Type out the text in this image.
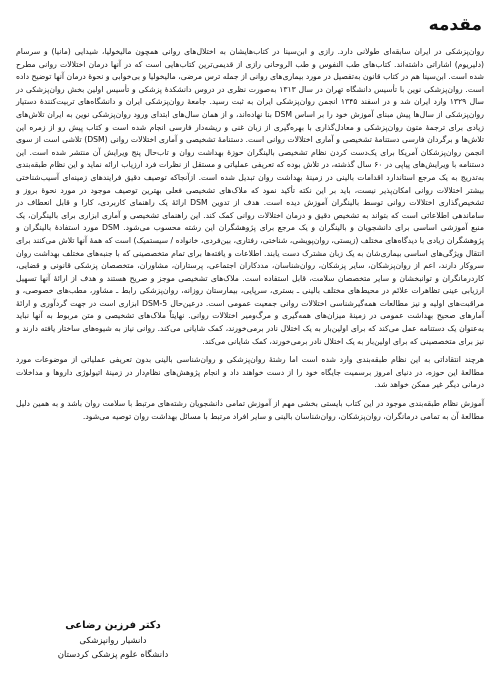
مقدمه

روان‌پزشکی در ایران سابقه‌ای طولانی دارد. رازی و ابن‌سینا در کتاب‌هایشان به اختلال‌های روانی همچون مالیخولیا، شیدایی (مانیا) و سرسام (دلیریوم) اشاراتی داشته‌اند. کتاب‌های طب النفوس و طب الروحانی رازی از قدیمی‌ترین کتاب‌هایی است که در آنها درمان اختلالات روانی مطرح شده است. ابن‌سینا هم در کتاب قانون به‌تفصیل در مورد بیماری‌های روانی از جمله ترس مرضی، مالیخولیا و بی‌خوابی و نحوهٔ درمان آنها توضیح داده است. روان‌پزشکی نوین با تأسیس دانشگاه تهران در سال ۱۳۱۳ به‌صورت نظری در دروس دانشکدهٔ پزشکی و تأسیس اولین بخش روان‌پزشکی در سال ۱۳۲۹ وارد ایران شد و در اسفند ۱۳۴۵ انجمن روان‌پزشکی ایران به ثبت رسید. جامعهٔ روان‌پزشکی ایران و دانشگاه‌های تربیت‌کنندهٔ دستیار روان‌پزشکی از سال‌ها پیش مبنای آموزش خود را بر اساس DSM بنا نهاده‌اند، و از همان سال‌های ابتدای ورود روان‌پزشکی نوین به ایران تلاش‌های زیادی برای ترجمهٔ متون روان‌پزشکی و معادل‌گذاری با بهره‌گیری از زبان غنی و ریشه‌دار فارسی انجام شده است و کتاب پیش رو از زمره این تلاش‌ها و برگردان فارسی دستنامهٔ تشخیصی و آماری اختلالات روانی است. دستنامهٔ تشخیصی و آماری اختلالات روانی (DSM) تلاشی است از سوی انجمن روان‌پزشکان آمریکا برای یک‌دست کردن نظام تشخیصی بالینگران حوزهٔ بهداشت روان و تاب‌حال پنج ویرایش آن منتشر شده است. این دستنامه با ویرایش‌های پیاپی در ۶۰ سال گذشته، در تلاش بوده که تعریفی عملیاتی و مستقل از نظرات فرد ارزیاب ارائه نماید و این نظام طبقه‌بندی به‌تدریج به یک مرجع استاندارد اقدامات بالینی در زمینهٔ بهداشت روان تبدیل شده است. ازآنجاکه توصیف دقیق فرایندهای زمینه‌ای آسیب‌شناختی بیشتر اختلالات روانی امکان‌پذیر نیست، باید بر این نکته تأکید نمود که ملاک‌های تشخیصی فعلی بهترین توصیف موجود در مورد نحوهٔ بروز و تشخیص‌گذاری اختلالات روانی توسط بالینگران آموزش دیده است. هدف از تدوین DSM ارائهٔ یک راهنمای کاربردی، کارا و قابل انعطاف در ساماندهی اطلاعاتی است که بتواند به تشخیص دقیق و درمان اختلالات روانی کمک کند. این راهنمای تشخیصی و آماری ابزاری برای بالینگران، یک منبع آموزشی اساسی برای دانشجویان و بالینگران و یک مرجع برای پژوهشگران این رشته محسوب می‌شود. DSM مورد استفادهٔ بالینگران و پژوهشگران زیادی با دیدگاه‌های مختلف (زیستی، روان‌پویشی، شناختی، رفتاری، بین‌فردی، خانواده / سیستمیک) است که همهٔ آنها تلاش می‌کنند برای انتقال ویژگی‌های اساسی بیماری‌شان به یک زبان مشترک دست یابند. اطلاعات و یافته‌ها برای تمام متخصصینی که با جنبه‌های مختلف بهداشت روان سروکار دارند، اعم از روان‌پزشکان، سایر پزشکان، روان‌شناسان، مددکاران اجتماعی، پرستاران، مشاوران، متخصصان پزشکی قانونی و قضایی، کاردرمانگران و توانبخشان و سایر متخصصان سلامت، قابل استفاده است. ملاک‌های تشخیصی موجز و صریح هستند و هدف از ارائهٔ آنها تسهیل ارزیابی عینی تظاهرات علائم در محیط‌های مختلف بالینی ـ بستری، سرپایی، بیمارستان روزانه، روان‌پزشکی رابط ـ مشاور، مطب‌های خصوصی، و مراقبت‌های اولیه و نیز مطالعات همه‌گیرشناسی اختلالات روانی جمعیت عمومی است. درعین‌حال DSM-5 ابزاری است در جهت گردآوری و ارائهٔ آمارهای صحیح بهداشت عمومی در زمینهٔ میزان‌های همه‌گیری و مرگ‌ومیر اختلالات روانی. نهایتاً ملاک‌های تشخیصی و متن مربوط به آنها نباید به‌عنوان یک دستنامه عمل می‌کند که برای اولین‌بار به یک اختلال نادر برمی‌خورند، کمک شایانی می‌کند. روانی نیاز به شیوه‌های ساختار یافته دارند و نیز برای متخصصینی که برای اولین‌بار به یک اختلال نادر برمی‌خورند، کمک شایانی می‌کند.

هرچند انتقاداتی به این نظام طبقه‌بندی وارد شده است اما رشتهٔ روان‌پزشکی و روان‌شناسی بالینی بدون تعریفی عملیاتی از موضوعات مورد مطالعهٔ این حوزه، در دنیای امروز برسمیت جایگاه خود را از دست خواهند داد و انجام پژوهش‌های نظام‌دار در زمینهٔ اتیولوژی داروها و مداخلات درمانی دیگر غیر ممکن خواهد شد.

آموزش نظام طبقه‌بندی موجود در این کتاب بایستی بخشی مهم از آموزش تمامی دانشجویان رشته‌های مرتبط با سلامت روان باشد و به همین دلیل مطالعهٔ آن به تمامی درمانگران، روان‌پزشکان، روان‌شناسان بالینی و سایر افراد مرتبط با مسائل بهداشت روان توصیه می‌شود.

دکتر فرزین رضاعی
دانشیار روانپزشکی
دانشگاه علوم پزشکی کردستان
